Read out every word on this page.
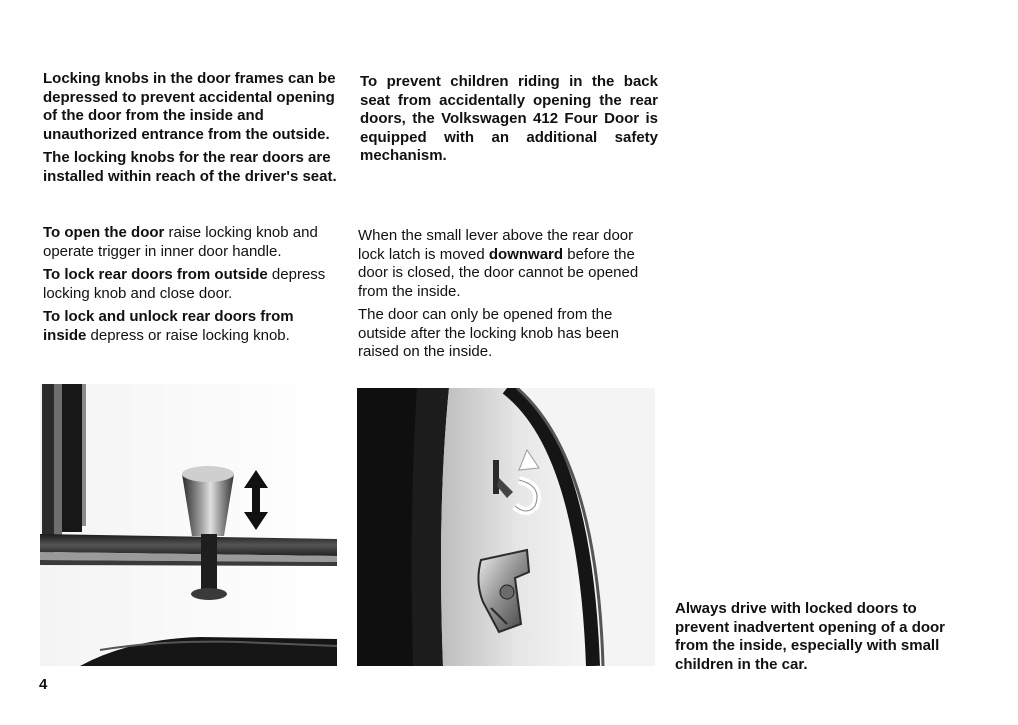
Locking knobs in the door frames can be depressed to prevent accidental opening of the door from the inside and unauthorized entrance from the outside.

The locking knobs for the rear doors are installed within reach of the driver's seat.

To prevent children riding in the back seat from accidentally opening the rear doors, the Volkswagen 412 Four Door is equipped with an additional safety mechanism.

To open the door raise locking knob and operate trigger in inner door handle.

To lock rear doors from outside depress locking knob and close door.

To lock and unlock rear doors from inside depress or raise locking knob.

When the small lever above the rear door lock latch is moved downward before the door is closed, the door cannot be opened from the inside.

The door can only be opened from the outside after the locking knob has been raised on the inside.

Always drive with locked doors to prevent inadvertent opening of a door from the inside, especially with small children in the car.

4
